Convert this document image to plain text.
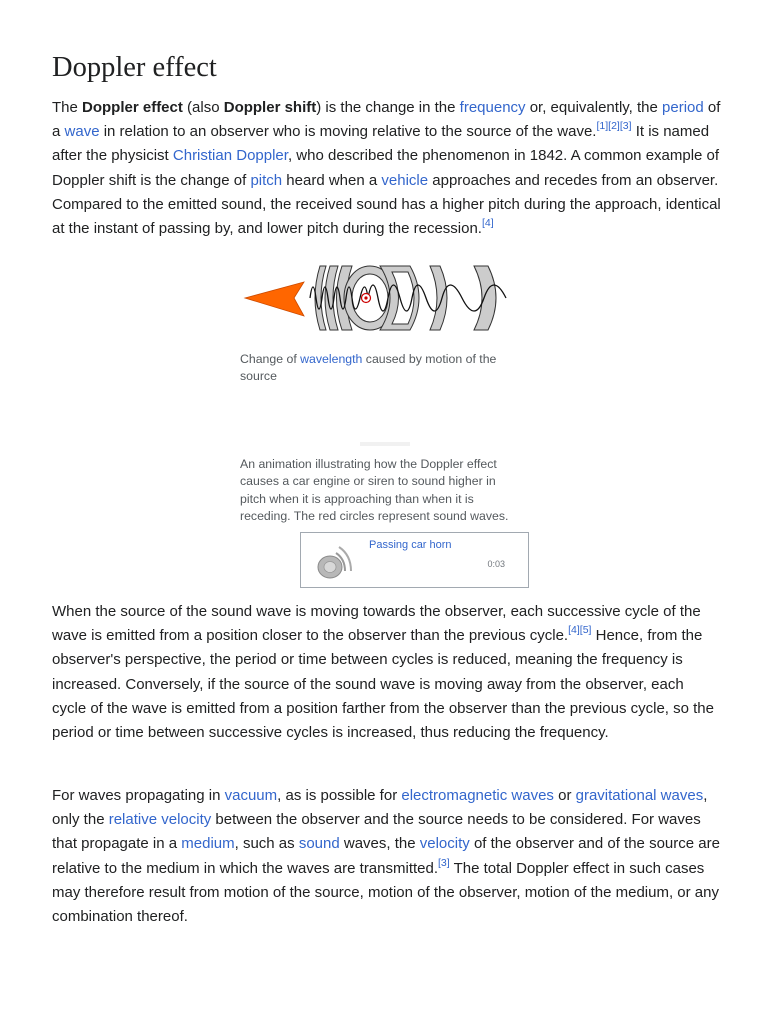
Doppler effect

The Doppler effect (also Doppler shift) is the change in the frequency or, equivalently, the period of a wave in relation to an observer who is moving relative to the source of the wave.[1][2][3] It is named after the physicist Christian Doppler, who described the phenomenon in 1842. A common example of Doppler shift is the change of pitch heard when a vehicle approaches and recedes from an observer. Compared to the emitted sound, the received sound has a higher pitch during the approach, identical at the instant of passing by, and lower pitch during the recession.[4]

Change of wavelength caused by motion of the source

An animation illustrating how the Doppler effect causes a car engine or siren to sound higher in pitch when it is approaching than when it is receding. The red circles represent sound waves.

Passing car horn
0:03

When the source of the sound wave is moving towards the observer, each successive cycle of the wave is emitted from a position closer to the observer than the previous cycle.[4][5] Hence, from the observer's perspective, the period or time between cycles is reduced, meaning the frequency is increased. Conversely, if the source of the sound wave is moving away from the observer, each cycle of the wave is emitted from a position farther from the observer than the previous cycle, so the period or time between successive cycles is increased, thus reducing the frequency.

For waves propagating in vacuum, as is possible for electromagnetic waves or gravitational waves, only the relative velocity between the observer and the source needs to be considered. For waves that propagate in a medium, such as sound waves, the velocity of the observer and of the source are relative to the medium in which the waves are transmitted.[3] The total Doppler effect in such cases may therefore result from motion of the source, motion of the observer, motion of the medium, or any combination thereof.
